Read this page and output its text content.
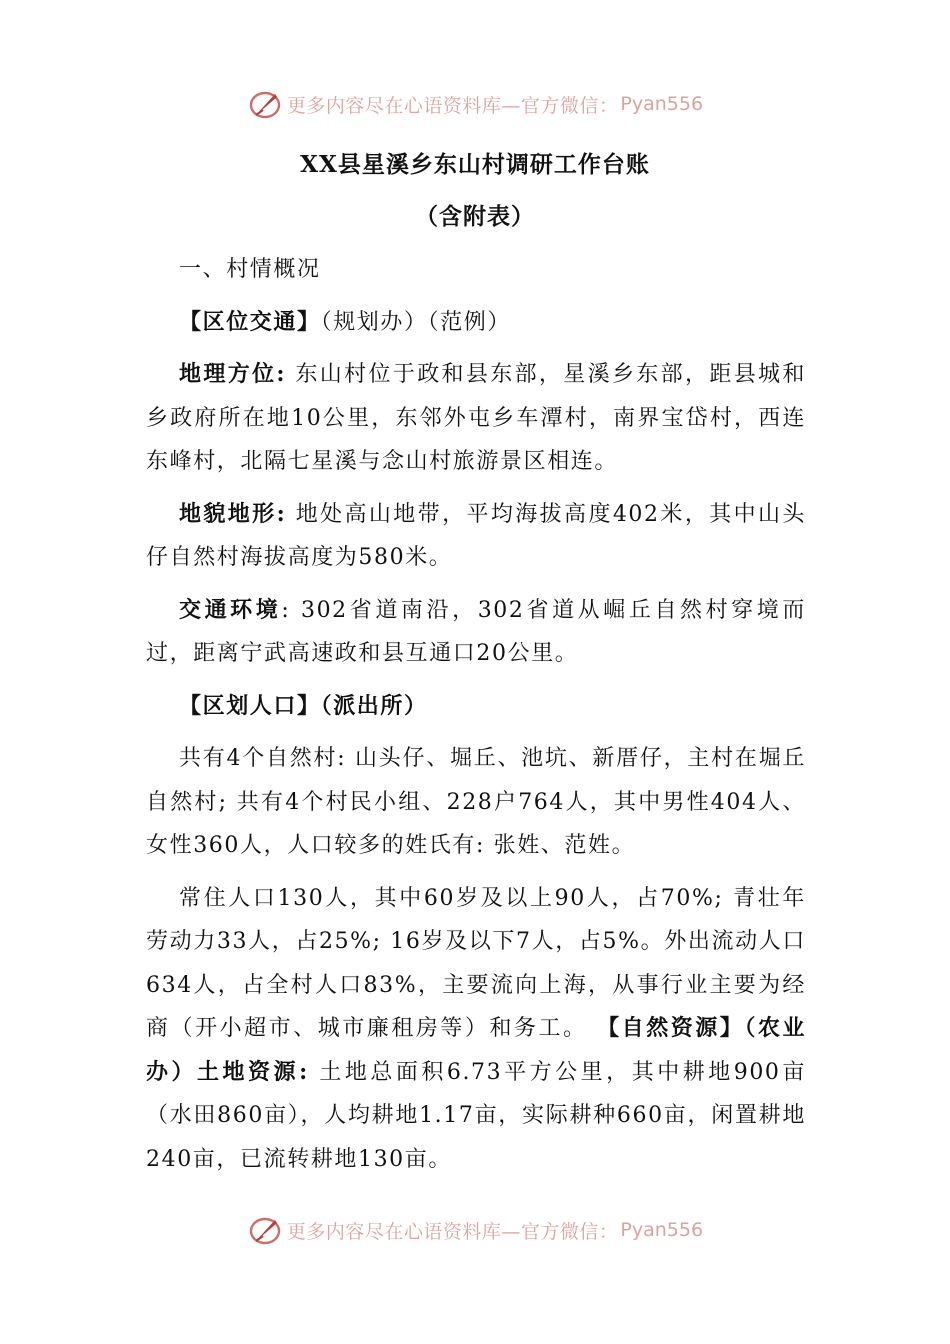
更多内容尽在心语资料库—官方微信： Pyan556
XX县星溪乡东山村调研工作台账
（含附表）

一、村情概况

【区位交通】（规划办）（范例）

地理方位: 东山村位于政和县东部，星溪乡东部，距县城和乡政府所在地10公里，东邻外屯乡车潭村，南界宝岱村，西连东峰村，北隔七星溪与念山村旅游景区相连。

地貌地形: 地处高山地带，平均海拔高度402米，其中山头仔自然村海拔高度为580米。

交通环境: 302省道南沿，302省道从崛丘自然村穿境而过，距离宁武高速政和县互通口20公里。

【区划人口】（派出所）

共有4个自然村: 山头仔、堀丘、池坑、新厝仔，主村在堀丘自然村; 共有4个村民小组、228户764人，其中男性404人、女性360人，人口较多的姓氏有: 张姓、范姓。

常住人口130人，其中60岁及以上90人，占70%; 青壮年劳动力33人，占25%; 16岁及以下7人，占5%。外出流动人口634人，占全村人口83%，主要流向上海，从事行业主要为经商（开小超市、城市廉租房等）和务工。 【自然资源】（农业办）土地资源: 土地总面积6.73平方公里，其中耕地900亩（水田860亩），人均耕地1.17亩，实际耕种660亩，闲置耕地240亩，已流转耕地130亩。

更多内容尽在心语资料库—官方微信： Pyan556
